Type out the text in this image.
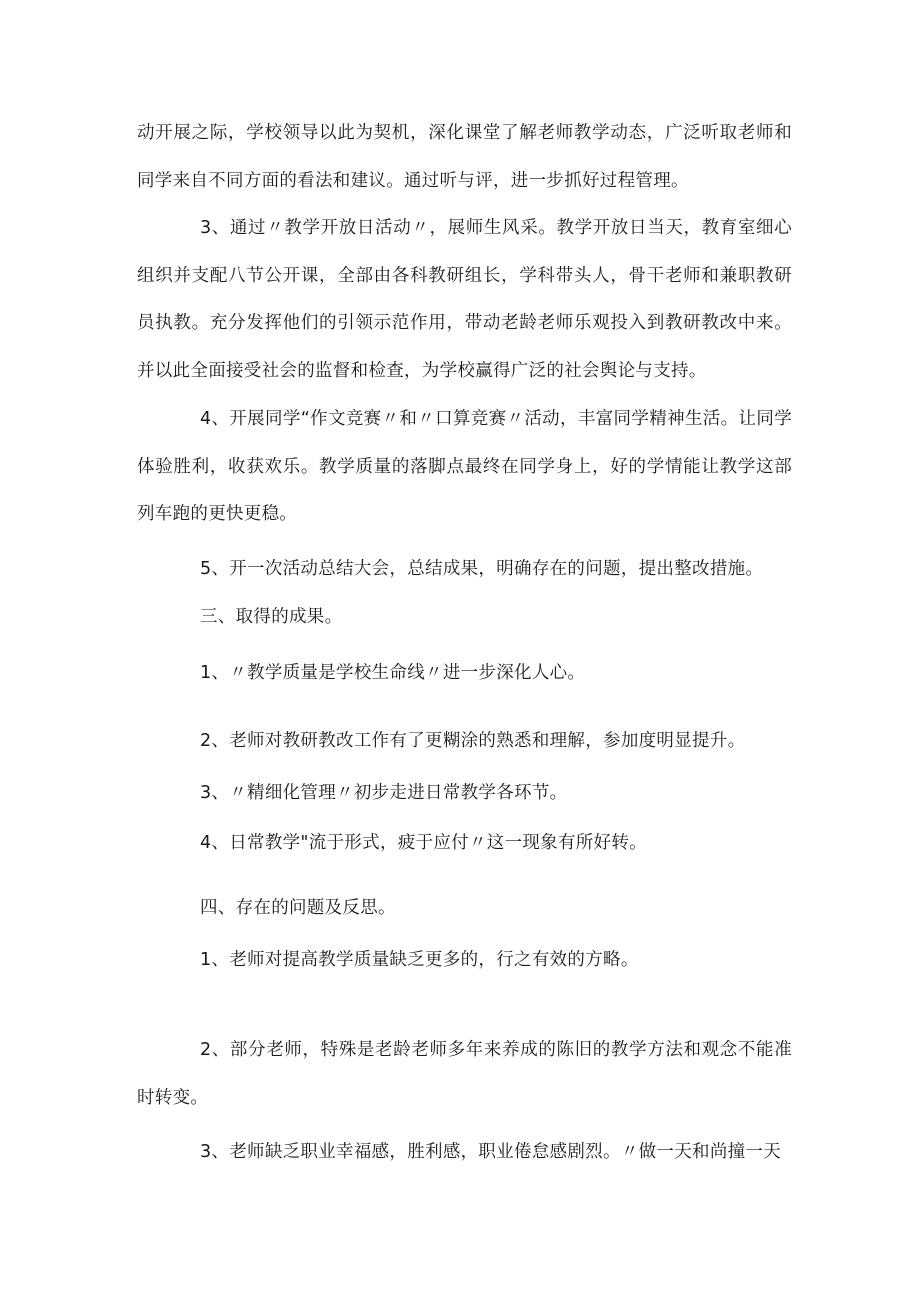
动开展之际，学校领导以此为契机，深化课堂了解老师教学动态，广泛听取老师和同学来自不同方面的看法和建议。通过听与评，进一步抓好过程管理。

3、通过〃教学开放日活动〃，展师生风采。教学开放日当天，教育室细心组织并支配八节公开课，全部由各科教研组长，学科带头人，骨干老师和兼职教研员执教。充分发挥他们的引领示范作用，带动老龄老师乐观投入到教研教改中来。并以此全面接受社会的监督和检查，为学校赢得广泛的社会舆论与支持。

4、开展同学“作文竞赛〃和〃口算竞赛〃活动，丰富同学精神生活。让同学体验胜利，收获欢乐。教学质量的落脚点最终在同学身上，好的学情能让教学这部列车跑的更快更稳。

5、开一次活动总结大会，总结成果，明确存在的问题，提出整改措施。

三、取得的成果。

1、〃教学质量是学校生命线〃进一步深化人心。

2、老师对教研教改工作有了更糊涂的熟悉和理解，参加度明显提升。

3、〃精细化管理〃初步走进日常教学各环节。

4、日常教学"流于形式，疲于应付〃这一现象有所好转。

四、存在的问题及反思。

1、老师对提高教学质量缺乏更多的，行之有效的方略。

2、部分老师，特殊是老龄老师多年来养成的陈旧的教学方法和观念不能准时转变。

3、老师缺乏职业幸福感，胜利感，职业倦怠感剧烈。〃做一天和尚撞一天
